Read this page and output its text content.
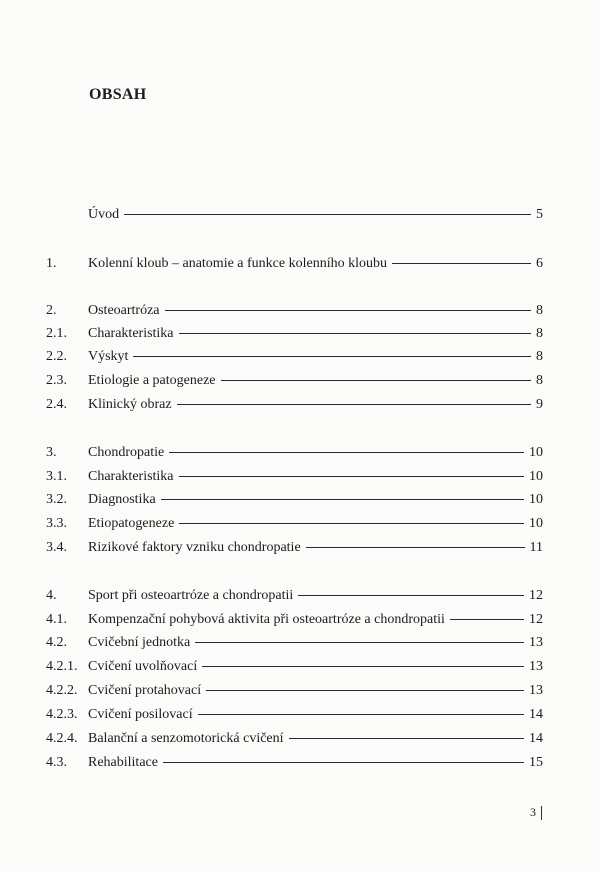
OBSAH
Úvod	5
1. Kolenní kloub – anatomie a funkce kolenního kloubu	6
2. Osteoartróza	8
2.1. Charakteristika	8
2.2. Výskyt	8
2.3. Etiologie a patogeneze	8
2.4. Klinický obraz	9
3. Chondropatie	10
3.1. Charakteristika	10
3.2. Diagnostika	10
3.3. Etiopatogeneze	10
3.4. Rizikové faktory vzniku chondropatie	11
4. Sport při osteoartróze a chondropatii	12
4.1. Kompenzační pohybová aktivita při osteoartróze a chondropatii	12
4.2. Cvičební jednotka	13
4.2.1. Cvičení uvolňovací	13
4.2.2. Cvičení protahovací	13
4.2.3. Cvičení posilovací	14
4.2.4. Balanční a senzomotorická cvičení	14
4.3. Rehabilitace	15
3
